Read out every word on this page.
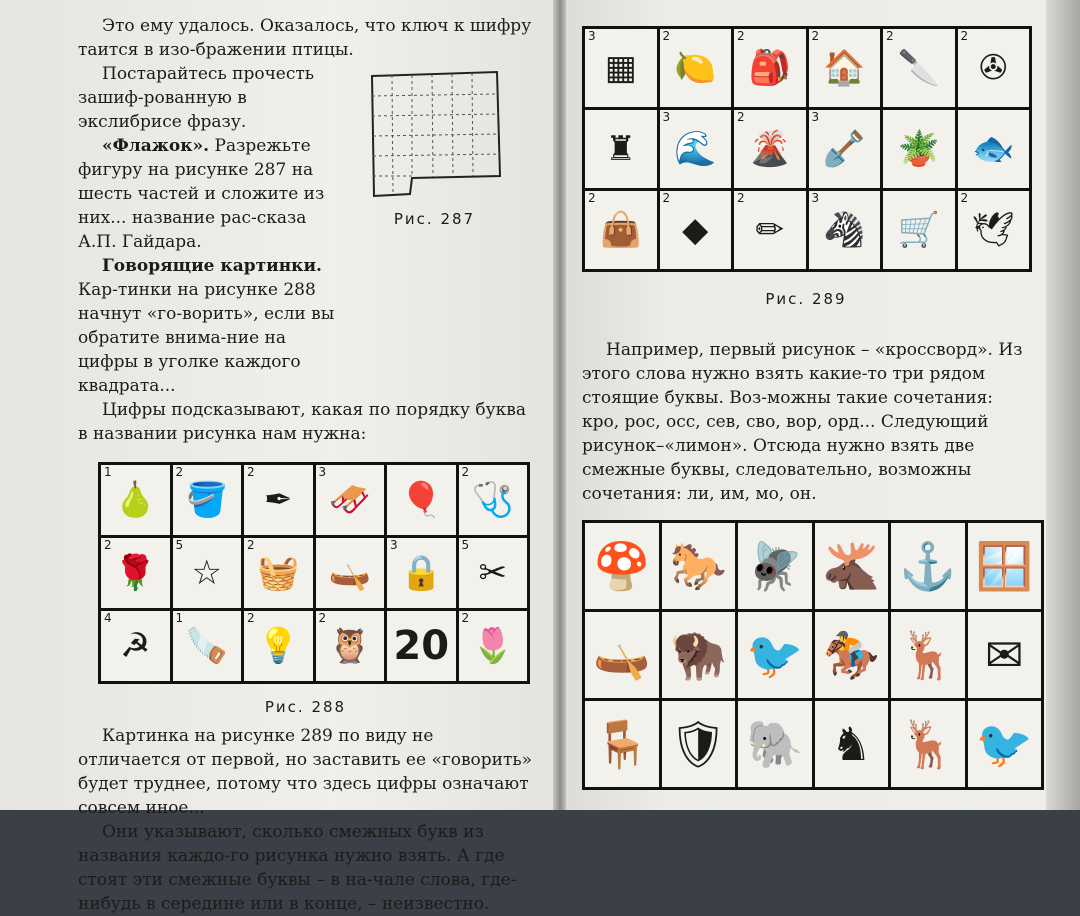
Это ему удалось. Оказалось, что ключ к шифру таится в изо-бражении птицы.

Постарайтесь прочесть зашиф-рованную в экслибрисе фразу.

«Флажок». Разрежьте фигуру на рисунке 287 на шесть частей и сложите из них... название рас-сказа А.П. Гайдара.

Говорящие картинки. Кар-тинки на рисунке 288 начнут «го-ворить», если вы обратите внима-ние на цифры в уголке каждого квадрата...

Рис. 287

Цифры подсказывают, какая по порядку буква в названии рисунка нам нужна:

1
🍐
2
🪣
2
✒
3
🛷 🎈
2
🩺
2
🌹
5
☆
2
🧺 🛶
3
🔒
5
✂
4
☭
1
🪚
2
💡
2
🦉 20
2
🌷
Рис. 288

Картинка на рисунке 289 по виду не отличается от первой, но заставить ее «говорить» будет труднее, потому что здесь цифры означают совсем иное...

Они указывают, сколько смежных букв из названия каждо-го рисунка нужно взять. А где стоят эти смежные буквы – в на-чале слова, где-нибудь в середине или в конце, – неизвестно.

3
▦
2
🍋
2
🎒
2
🏠
2
🔪
2
✇
♜
3
🌊
2
🌋
3
🪏 🪴 🐟
2
👜
2
◆
2
✏
3
🦓 🛒
2
🕊
Рис. 289

Например, первый рисунок – «кроссворд». Из этого слова нужно взять какие-то три рядом стоящие буквы. Воз-можны такие сочетания: кро, рос, осс, сев, сво, вор, орд... Следующий рисунок–«лимон». Отсюда нужно взять две смежные буквы, следовательно, возможны сочетания: ли, им, мо, он.

🍄 🐎 🪰 🫎 ⚓ 🪟
🛶 🦬 🐦 🏇 🦌 ✉
🪑 🛡 🐘 ♞ 🦌 🐦
